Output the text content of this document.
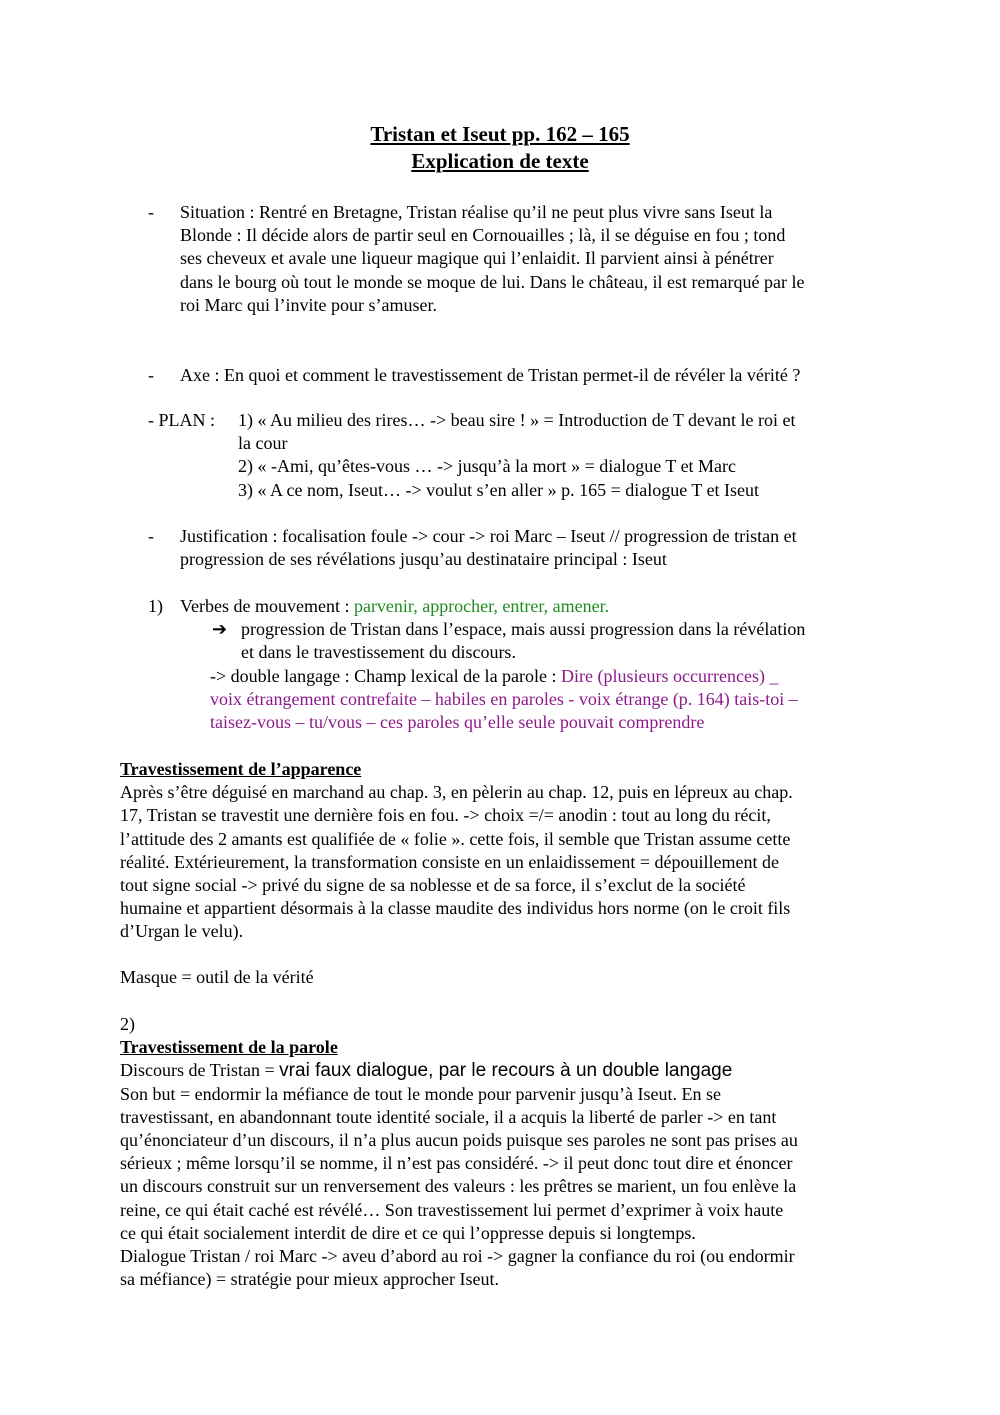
Tristan et Iseut pp. 162 – 165
Explication de texte
- Situation : Rentré en Bretagne, Tristan réalise qu’il ne peut plus vivre sans Iseut la
Blonde : Il décide alors de partir seul en Cornouailles ; là, il se déguise en fou ; tond
ses cheveux et avale une liqueur magique qui l’enlaidit. Il parvient ainsi à pénétrer
dans le bourg où tout le monde se moque de lui. Dans le château, il est remarqué par le
roi Marc qui l’invite pour s’amuser.
- Axe : En quoi et comment le travestissement de Tristan permet-il de révéler la vérité ?
- PLAN : 1) « Au milieu des rires… -> beau sire ! » = Introduction de T devant le roi et
la cour
2) « -Ami, qu’êtes-vous … -> jusqu’à la mort » = dialogue T et Marc
3) « A ce nom, Iseut… -> voulut s’en aller » p. 165 = dialogue T et Iseut
- Justification : focalisation foule -> cour -> roi Marc – Iseut // progression de tristan et
progression de ses révélations jusqu’au destinataire principal : Iseut
1) Verbes de mouvement : parvenir, approcher, entrer, amener.
➔ progression de Tristan dans l’espace, mais aussi progression dans la révélation
et dans le travestissement du discours.
-> double langage : Champ lexical de la parole : Dire (plusieurs occurrences) _
voix étrangement contrefaite – habiles en paroles - voix étrange (p. 164) tais-toi –
taisez-vous – tu/vous – ces paroles qu’elle seule pouvait comprendre
Travestissement de l’apparence
Après s’être déguisé en marchand au chap. 3, en pèlerin au chap. 12, puis en lépreux au chap.
17, Tristan se travestit une dernière fois en fou. -> choix =/= anodin : tout au long du récit,
l’attitude des 2 amants est qualifiée de « folie ». cette fois, il semble que Tristan assume cette
réalité. Extérieurement, la transformation consiste en un enlaidissement = dépouillement de
tout signe social -> privé du signe de sa noblesse et de sa force, il s’exclut de la société
humaine et appartient désormais à la classe maudite des individus hors norme (on le croit fils
d’Urgan le velu).
Masque = outil de la vérité
2)
Travestissement de la parole
Discours de Tristan = vrai faux dialogue, par le recours à un double langage
Son but = endormir la méfiance de tout le monde pour parvenir jusqu’à Iseut. En se
travestissant, en abandonnant toute identité sociale, il a acquis la liberté de parler -> en tant
qu’énonciateur d’un discours, il n’a plus aucun poids puisque ses paroles ne sont pas prises au
sérieux ; même lorsqu’il se nomme, il n’est pas considéré. -> il peut donc tout dire et énoncer
un discours construit sur un renversement des valeurs : les prêtres se marient, un fou enlève la
reine, ce qui était caché est révélé… Son travestissement lui permet d’exprimer à voix haute
ce qui était socialement interdit de dire et ce qui l’oppresse depuis si longtemps.
Dialogue Tristan / roi Marc -> aveu d’abord au roi -> gagner la confiance du roi (ou endormir
sa méfiance) = stratégie pour mieux approcher Iseut.
